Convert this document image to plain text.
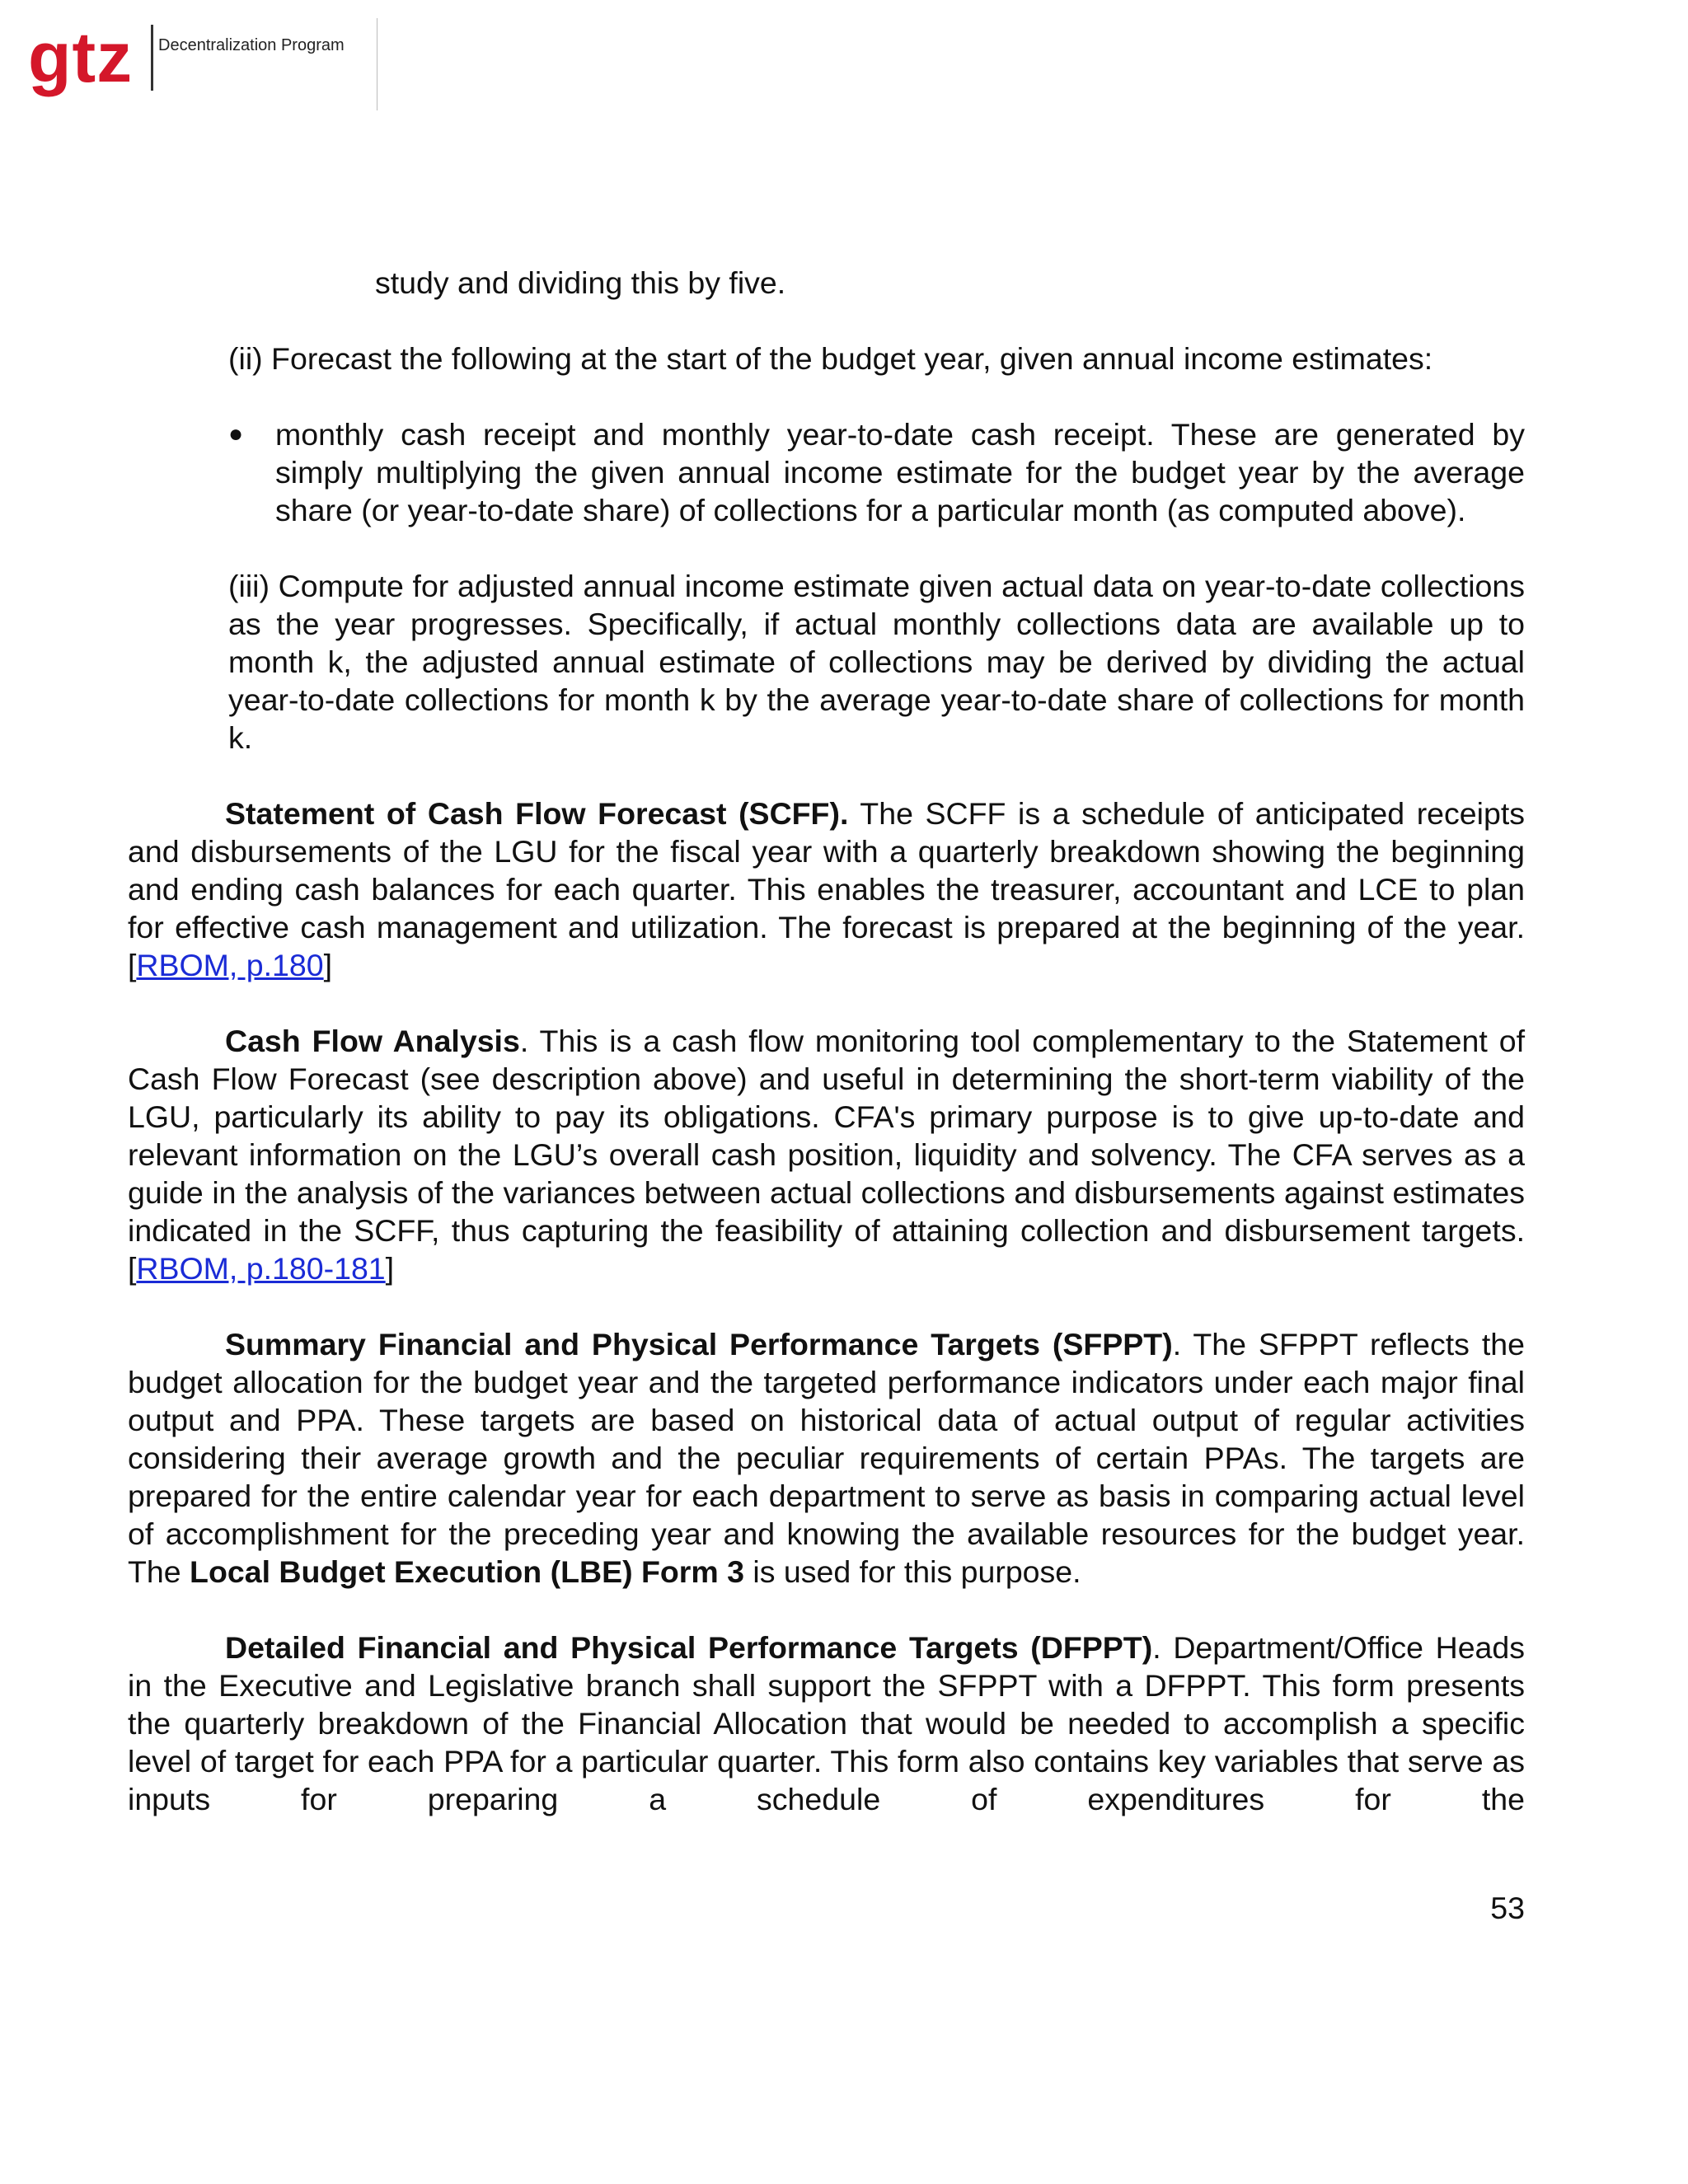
gtz Decentralization Program

study and dividing this by five.

(ii) Forecast the following at the start of the budget year, given annual income estimates:

● monthly cash receipt and monthly year-to-date cash receipt. These are generated by simply multiplying the given annual income estimate for the budget year by the average share (or year-to-date share) of collections for a particular month (as computed above).

(iii) Compute for adjusted annual income estimate given actual data on year-to-date collections as the year progresses. Specifically, if actual monthly collections data are available up to month k, the adjusted annual estimate of collections may be derived by dividing the actual year-to-date collections for month k by the average year-to-date share of collections for month k.

Statement of Cash Flow Forecast (SCFF). The SCFF is a schedule of anticipated receipts and disbursements of the LGU for the fiscal year with a quarterly breakdown showing the beginning and ending cash balances for each quarter. This enables the treasurer, accountant and LCE to plan for effective cash management and utilization. The forecast is prepared at the beginning of the year. [RBOM, p.180]

Cash Flow Analysis. This is a cash flow monitoring tool complementary to the Statement of Cash Flow Forecast (see description above) and useful in determining the short-term viability of the LGU, particularly its ability to pay its obligations. CFA's primary purpose is to give up-to-date and relevant information on the LGU’s overall cash position, liquidity and solvency. The CFA serves as a guide in the analysis of the variances between actual collections and disbursements against estimates indicated in the SCFF, thus capturing the feasibility of attaining collection and disbursement targets. [RBOM, p.180-181]

Summary Financial and Physical Performance Targets (SFPPT). The SFPPT reflects the budget allocation for the budget year and the targeted performance indicators under each major final output and PPA. These targets are based on historical data of actual output of regular activities considering their average growth and the peculiar requirements of certain PPAs. The targets are prepared for the entire calendar year for each department to serve as basis in comparing actual level of accomplishment for the preceding year and knowing the available resources for the budget year. The Local Budget Execution (LBE) Form 3 is used for this purpose.

Detailed Financial and Physical Performance Targets (DFPPT). Department/Office Heads in the Executive and Legislative branch shall support the SFPPT with a DFPPT. This form presents the quarterly breakdown of the Financial Allocation that would be needed to accomplish a specific level of target for each PPA for a particular quarter. This form also contains key variables that serve as inputs for preparing a schedule of expenditures for the

53
